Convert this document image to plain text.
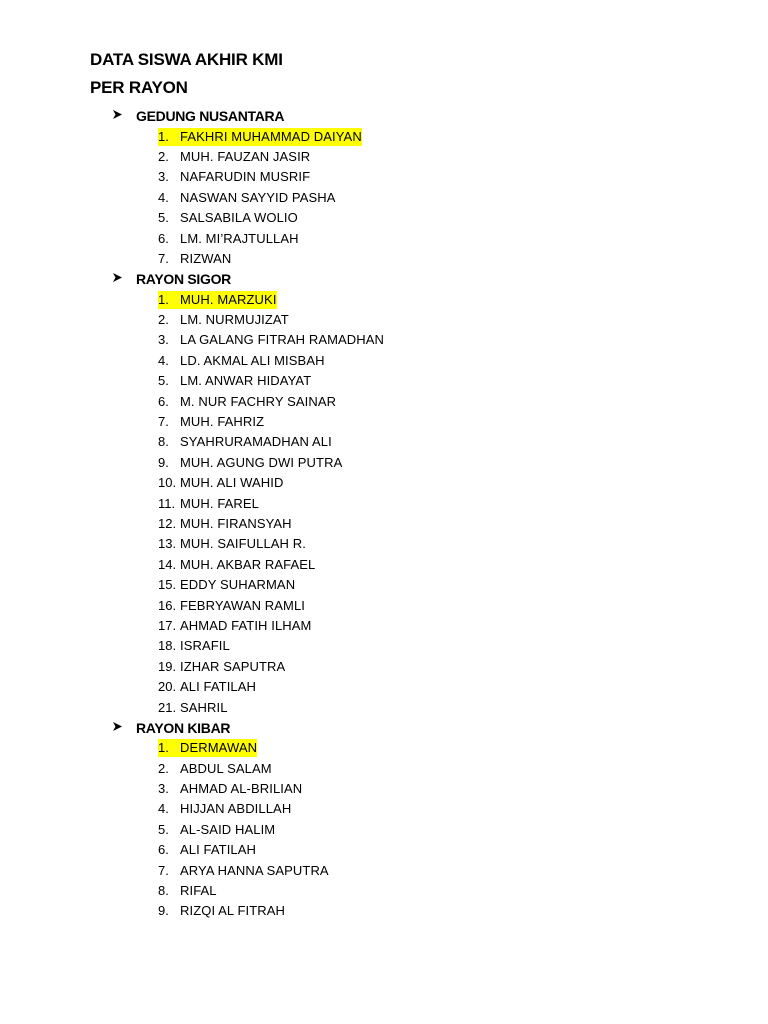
DATA SISWA AKHIR KMI
PER RAYON
GEDUNG NUSANTARA
1. FAKHRI MUHAMMAD DAIYAN
2. MUH. FAUZAN JASIR
3. NAFARUDIN MUSRIF
4. NASWAN SAYYID PASHA
5. SALSABILA WOLIO
6. LM. MI’RAJTULLAH
7. RIZWAN
RAYON SIGOR
1. MUH. MARZUKI
2. LM. NURMUJIZAT
3. LA GALANG FITRAH RAMADHAN
4. LD. AKMAL ALI MISBAH
5. LM. ANWAR HIDAYAT
6. M. NUR FACHRY SAINAR
7. MUH. FAHRIZ
8. SYAHRURAMADHAN ALI
9. MUH. AGUNG DWI PUTRA
10. MUH. ALI WAHID
11. MUH. FAREL
12. MUH. FIRANSYAH
13. MUH. SAIFULLAH R.
14. MUH. AKBAR RAFAEL
15. EDDY SUHARMAN
16. FEBRYAWAN RAMLI
17. AHMAD FATIH ILHAM
18. ISRAFIL
19. IZHAR SAPUTRA
20. ALI FATILAH
21. SAHRIL
RAYON KIBAR
1. DERMAWAN
2. ABDUL SALAM
3. AHMAD AL-BRILIAN
4. HIJJAN ABDILLAH
5. AL-SAID HALIM
6. ALI FATILAH
7. ARYA HANNA SAPUTRA
8. RIFAL
9. RIZQI AL FITRAH
